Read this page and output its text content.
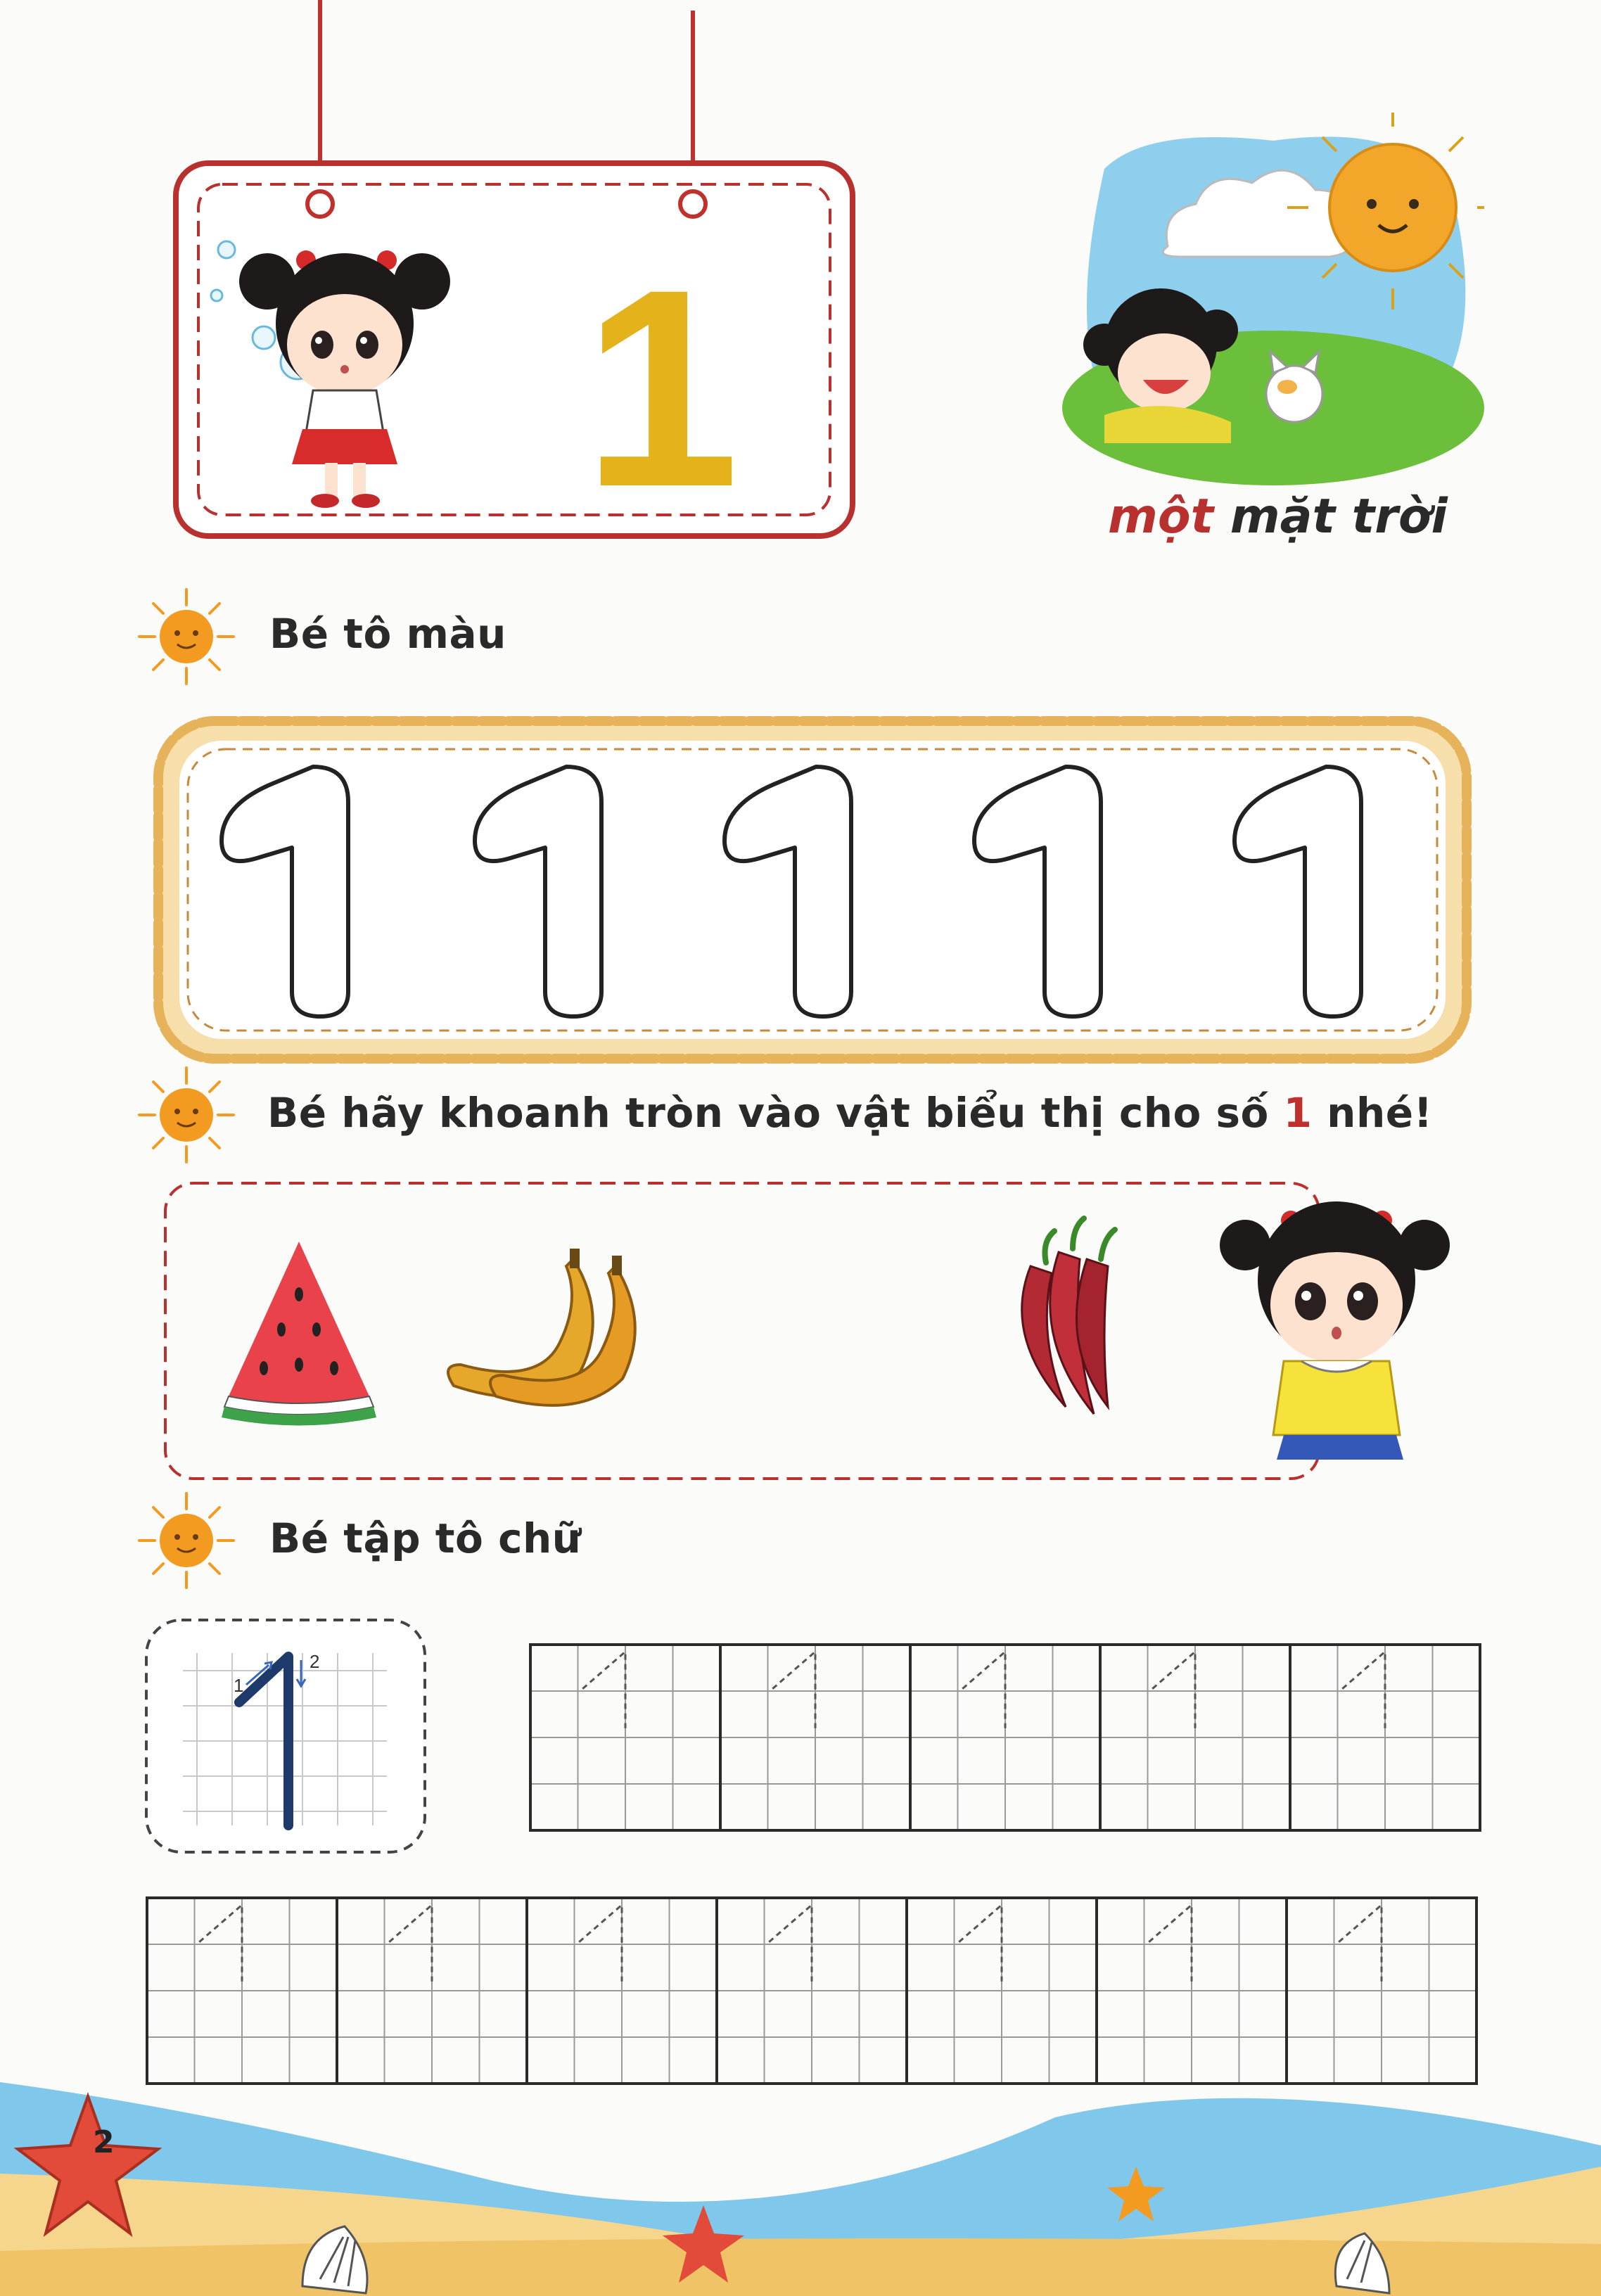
1	một mặt trời
Bé tô màu
Bé hãy khoanh tròn vào vật biểu thị cho số 1 nhé!
Bé tập tô chữ
1
2
2
